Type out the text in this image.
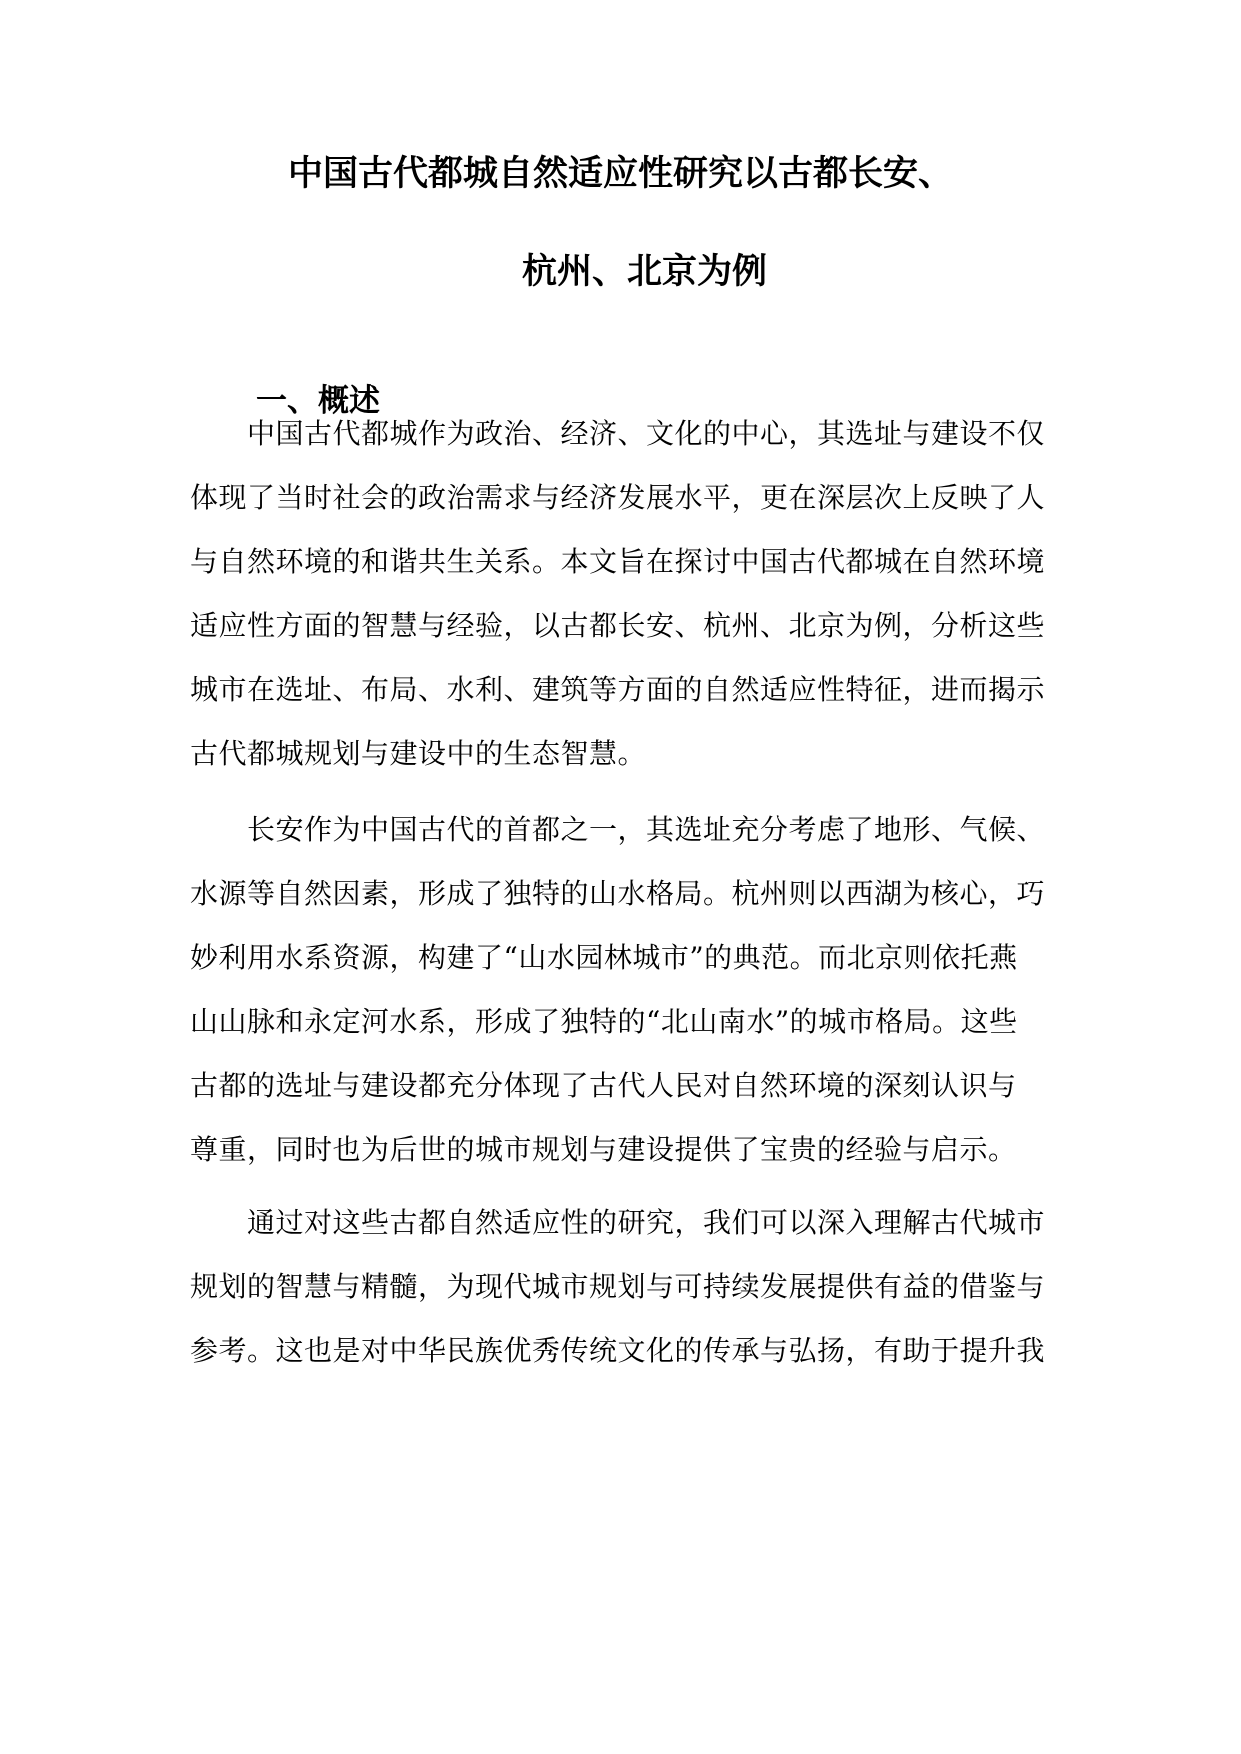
中国古代都城自然适应性研究以古都长安、
杭州、北京为例
一、概述
　　中国古代都城作为政治、经济、文化的中心，其选址与建设不仅
体现了当时社会的政治需求与经济发展水平，更在深层次上反映了人
与自然环境的和谐共生关系。本文旨在探讨中国古代都城在自然环境
适应性方面的智慧与经验，以古都长安、杭州、北京为例，分析这些
城市在选址、布局、水利、建筑等方面的自然适应性特征，进而揭示
古代都城规划与建设中的生态智慧。
　　长安作为中国古代的首都之一，其选址充分考虑了地形、气候、
水源等自然因素，形成了独特的山水格局。杭州则以西湖为核心，巧
妙利用水系资源，构建了“山水园林城市”的典范。而北京则依托燕
山山脉和永定河水系，形成了独特的“北山南水”的城市格局。这些
古都的选址与建设都充分体现了古代人民对自然环境的深刻认识与
尊重，同时也为后世的城市规划与建设提供了宝贵的经验与启示。
　　通过对这些古都自然适应性的研究，我们可以深入理解古代城市
规划的智慧与精髓，为现代城市规划与可持续发展提供有益的借鉴与
参考。这也是对中华民族优秀传统文化的传承与弘扬，有助于提升我
